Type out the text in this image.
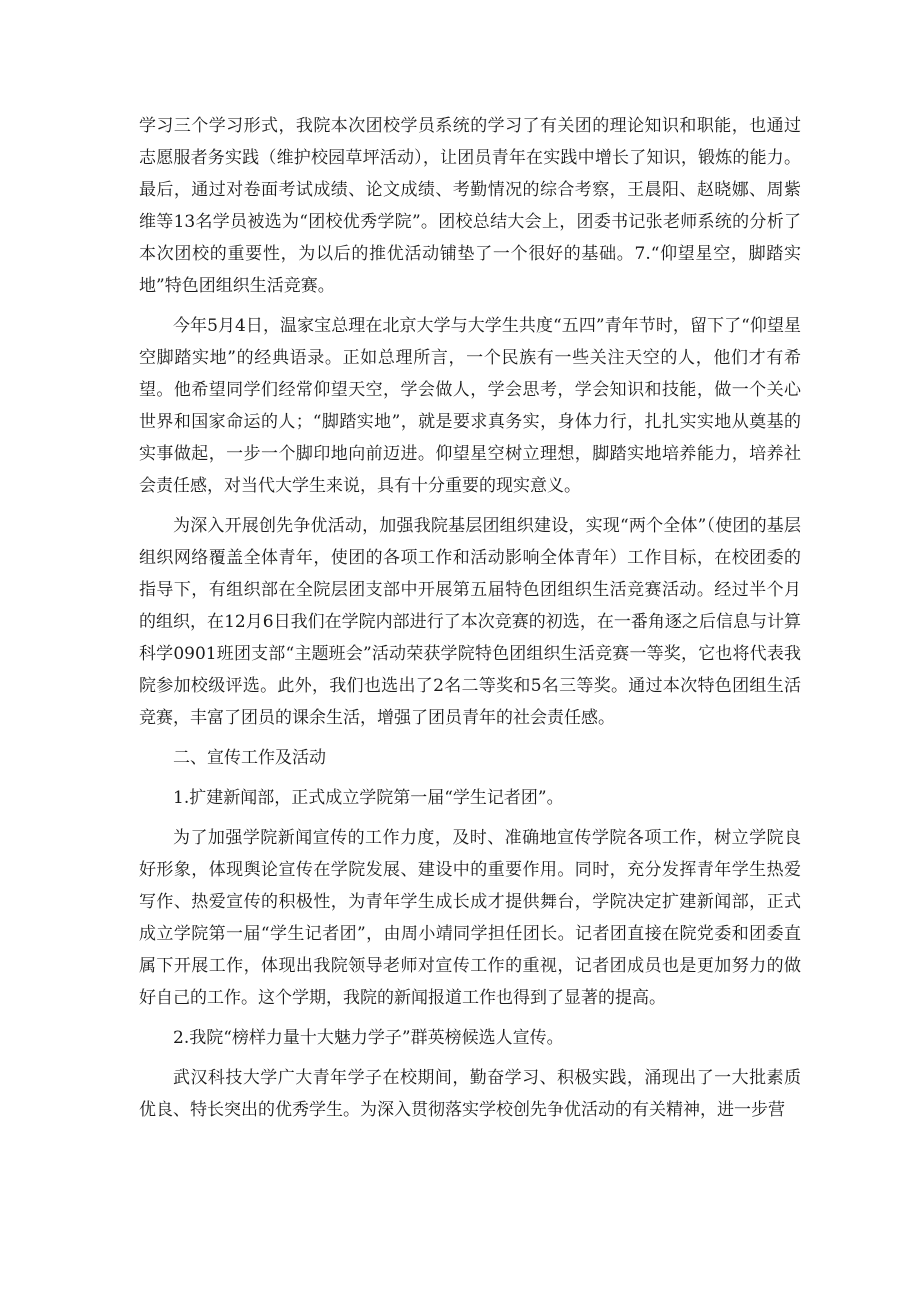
学习三个学习形式，我院本次团校学员系统的学习了有关团的理论知识和职能，也通过志愿服者务实践（维护校园草坪活动），让团员青年在实践中增长了知识，锻炼的能力。最后，通过对卷面考试成绩、论文成绩、考勤情况的综合考察，王晨阳、赵晓娜、周紫维等13名学员被选为“团校优秀学院”。团校总结大会上，团委书记张老师系统的分析了本次团校的重要性，为以后的推优活动铺垫了一个很好的基础。7.“仰望星空，脚踏实地”特色团组织生活竞赛。

今年5月4日，温家宝总理在北京大学与大学生共度“五四”青年节时，留下了“仰望星空脚踏实地”的经典语录。正如总理所言，一个民族有一些关注天空的人，他们才有希望。他希望同学们经常仰望天空，学会做人，学会思考，学会知识和技能，做一个关心世界和国家命运的人；“脚踏实地”，就是要求真务实，身体力行，扎扎实实地从奠基的实事做起，一步一个脚印地向前迈进。仰望星空树立理想，脚踏实地培养能力，培养社会责任感，对当代大学生来说，具有十分重要的现实意义。

为深入开展创先争优活动，加强我院基层团组织建设，实现“两个全体”（使团的基层组织网络覆盖全体青年，使团的各项工作和活动影响全体青年）工作目标，在校团委的指导下，有组织部在全院层团支部中开展第五届特色团组织生活竞赛活动。经过半个月的组织，在12月6日我们在学院内部进行了本次竞赛的初选，在一番角逐之后信息与计算科学0901班团支部“主题班会”活动荣获学院特色团组织生活竞赛一等奖，它也将代表我院参加校级评选。此外，我们也选出了2名二等奖和5名三等奖。通过本次特色团组生活竞赛，丰富了团员的课余生活，增强了团员青年的社会责任感。

二、宣传工作及活动

1.扩建新闻部，正式成立学院第一届“学生记者团”。

为了加强学院新闻宣传的工作力度，及时、准确地宣传学院各项工作，树立学院良好形象，体现舆论宣传在学院发展、建设中的重要作用。同时，充分发挥青年学生热爱写作、热爱宣传的积极性，为青年学生成长成才提供舞台，学院决定扩建新闻部，正式成立学院第一届“学生记者团”，由周小靖同学担任团长。记者团直接在院党委和团委直属下开展工作，体现出我院领导老师对宣传工作的重视，记者团成员也是更加努力的做好自己的工作。这个学期，我院的新闻报道工作也得到了显著的提高。

2.我院“榜样力量十大魅力学子”群英榜候选人宣传。

武汉科技大学广大青年学子在校期间，勤奋学习、积极实践，涌现出了一大批素质优良、特长突出的优秀学生。为深入贯彻落实学校创先争优活动的有关精神，进一步营
